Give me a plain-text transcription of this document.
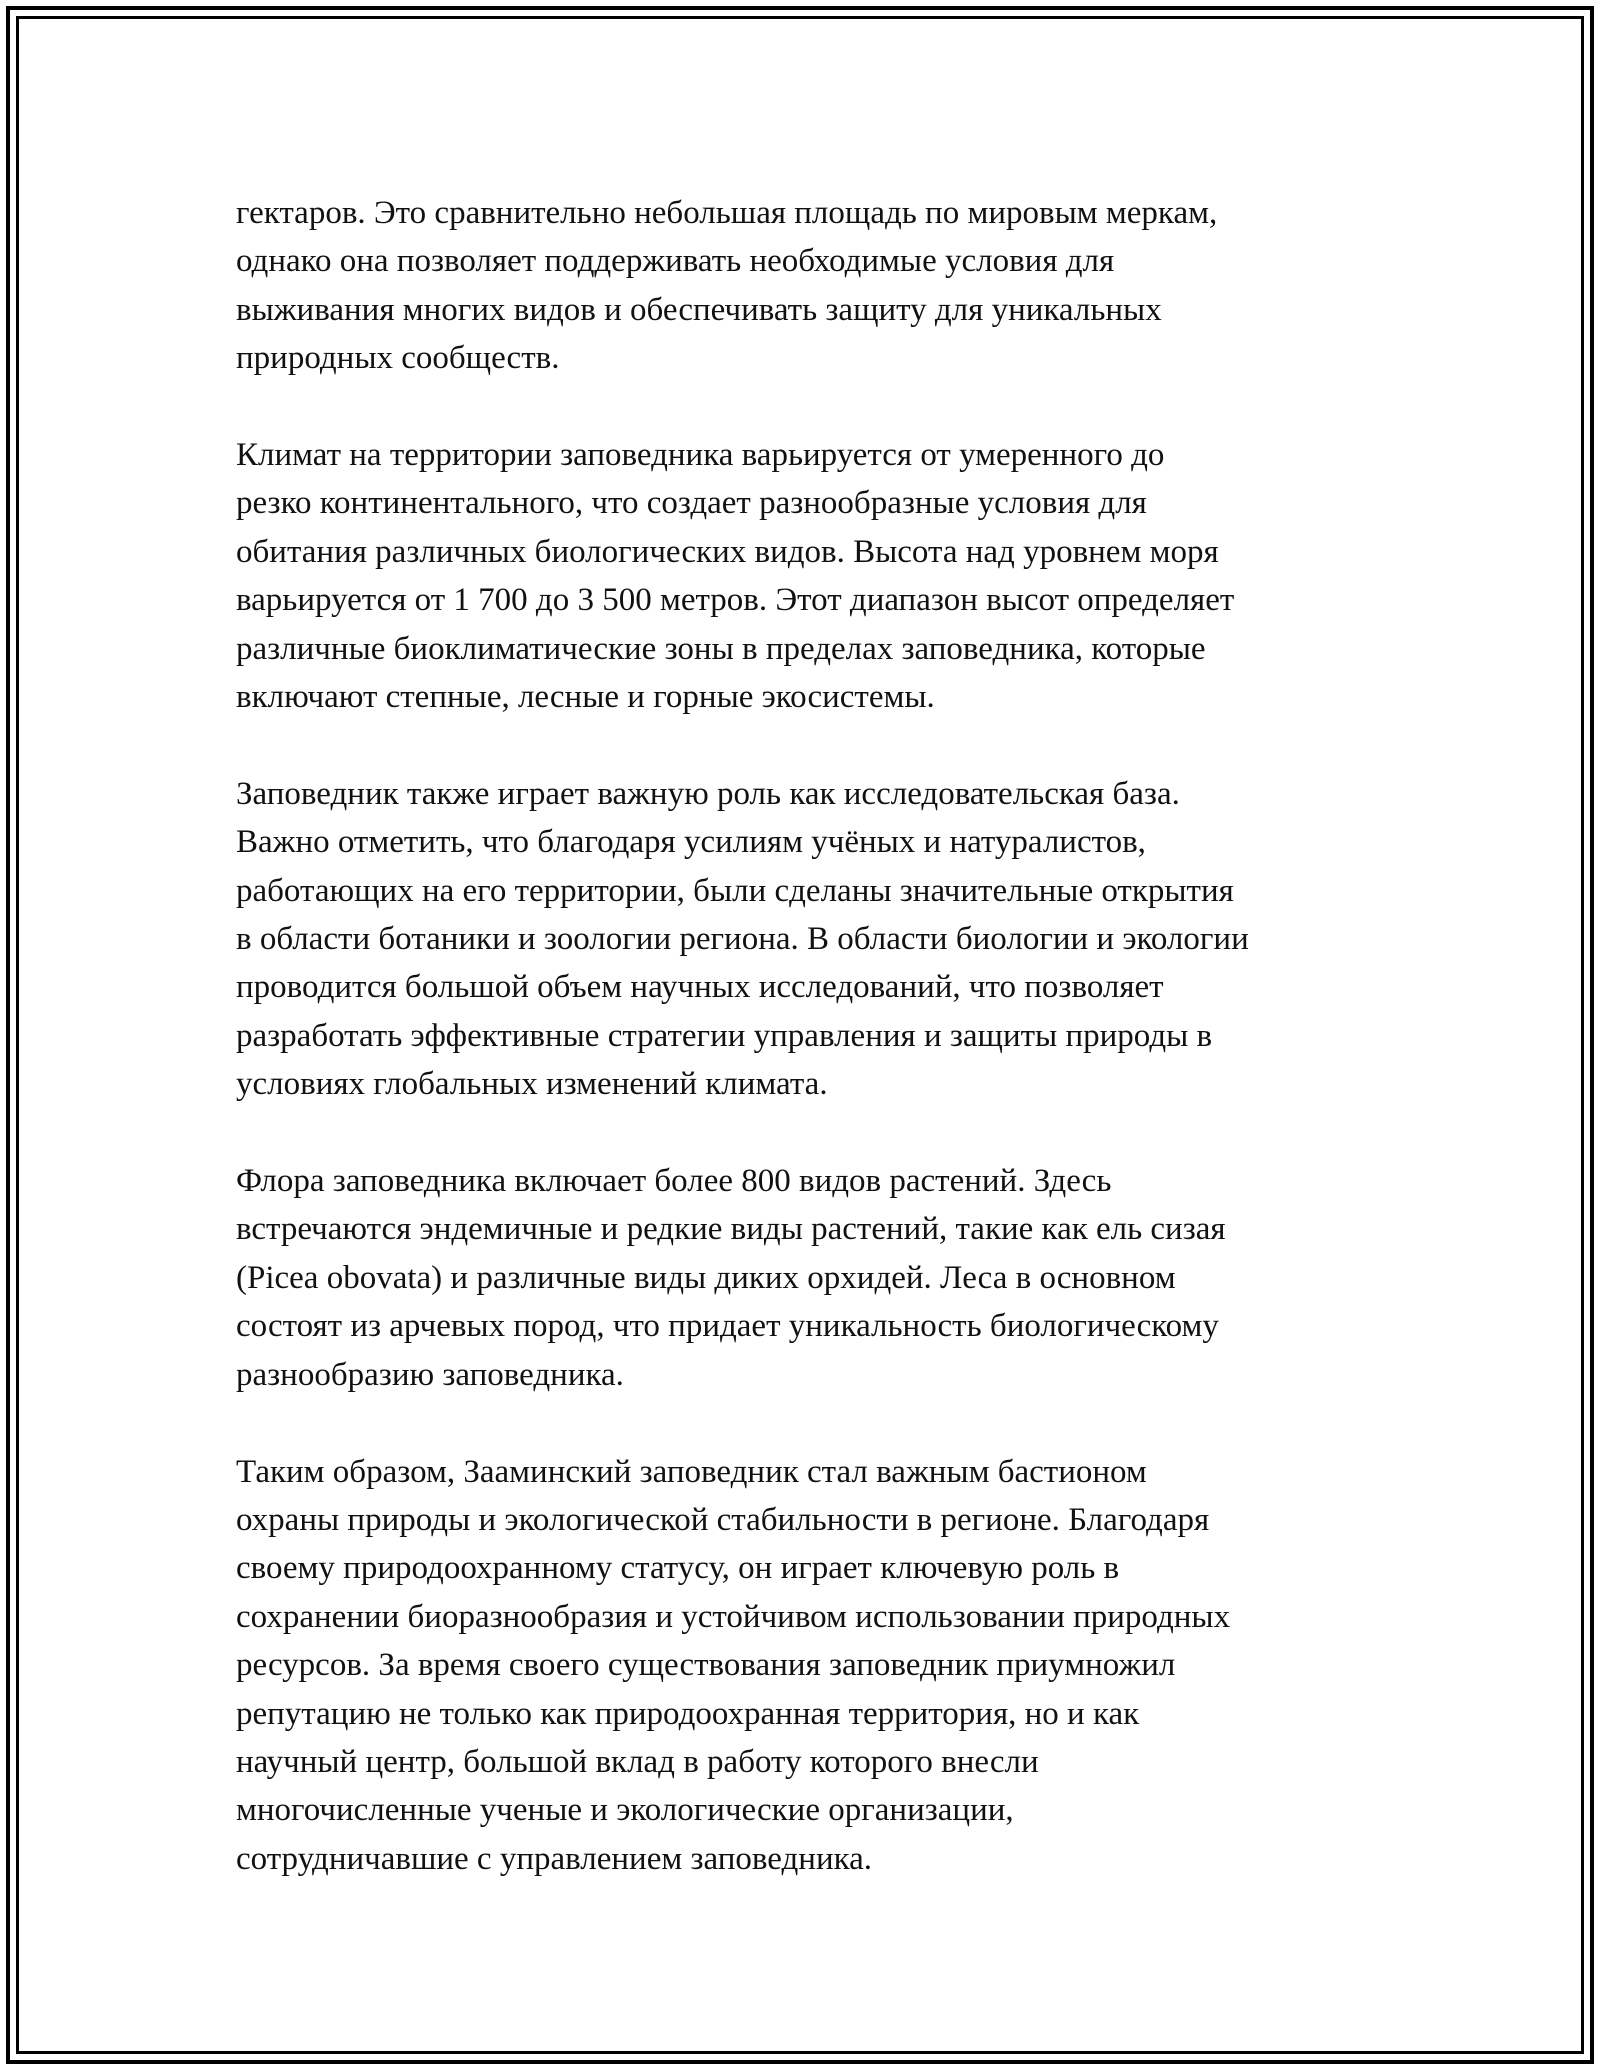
гектаров. Это сравнительно небольшая площадь по мировым меркам,
однако она позволяет поддерживать необходимые условия для
выживания многих видов и обеспечивать защиту для уникальных
природных сообществ.

Климат на территории заповедника варьируется от умеренного до
резко континентального, что создает разнообразные условия для
обитания различных биологических видов. Высота над уровнем моря
варьируется от 1 700 до 3 500 метров. Этот диапазон высот определяет
различные биоклиматические зоны в пределах заповедника, которые
включают степные, лесные и горные экосистемы.

Заповедник также играет важную роль как исследовательская база.
Важно отметить, что благодаря усилиям учёных и натуралистов,
работающих на его территории, были сделаны значительные открытия
в области ботаники и зоологии региона. В области биологии и экологии
проводится большой объем научных исследований, что позволяет
разработать эффективные стратегии управления и защиты природы в
условиях глобальных изменений климата.

Флора заповедника включает более 800 видов растений. Здесь
встречаются эндемичные и редкие виды растений, такие как ель сизая
(Picea obovata) и различные виды диких орхидей. Леса в основном
состоят из арчевых пород, что придает уникальность биологическому
разнообразию заповедника.

Таким образом, Зааминский заповедник стал важным бастионом
охраны природы и экологической стабильности в регионе. Благодаря
своему природоохранному статусу, он играет ключевую роль в
сохранении биоразнообразия и устойчивом использовании природных
ресурсов. За время своего существования заповедник приумножил
репутацию не только как природоохранная территория, но и как
научный центр, большой вклад в работу которого внесли
многочисленные ученые и экологические организации,
сотрудничавшие с управлением заповедника.
